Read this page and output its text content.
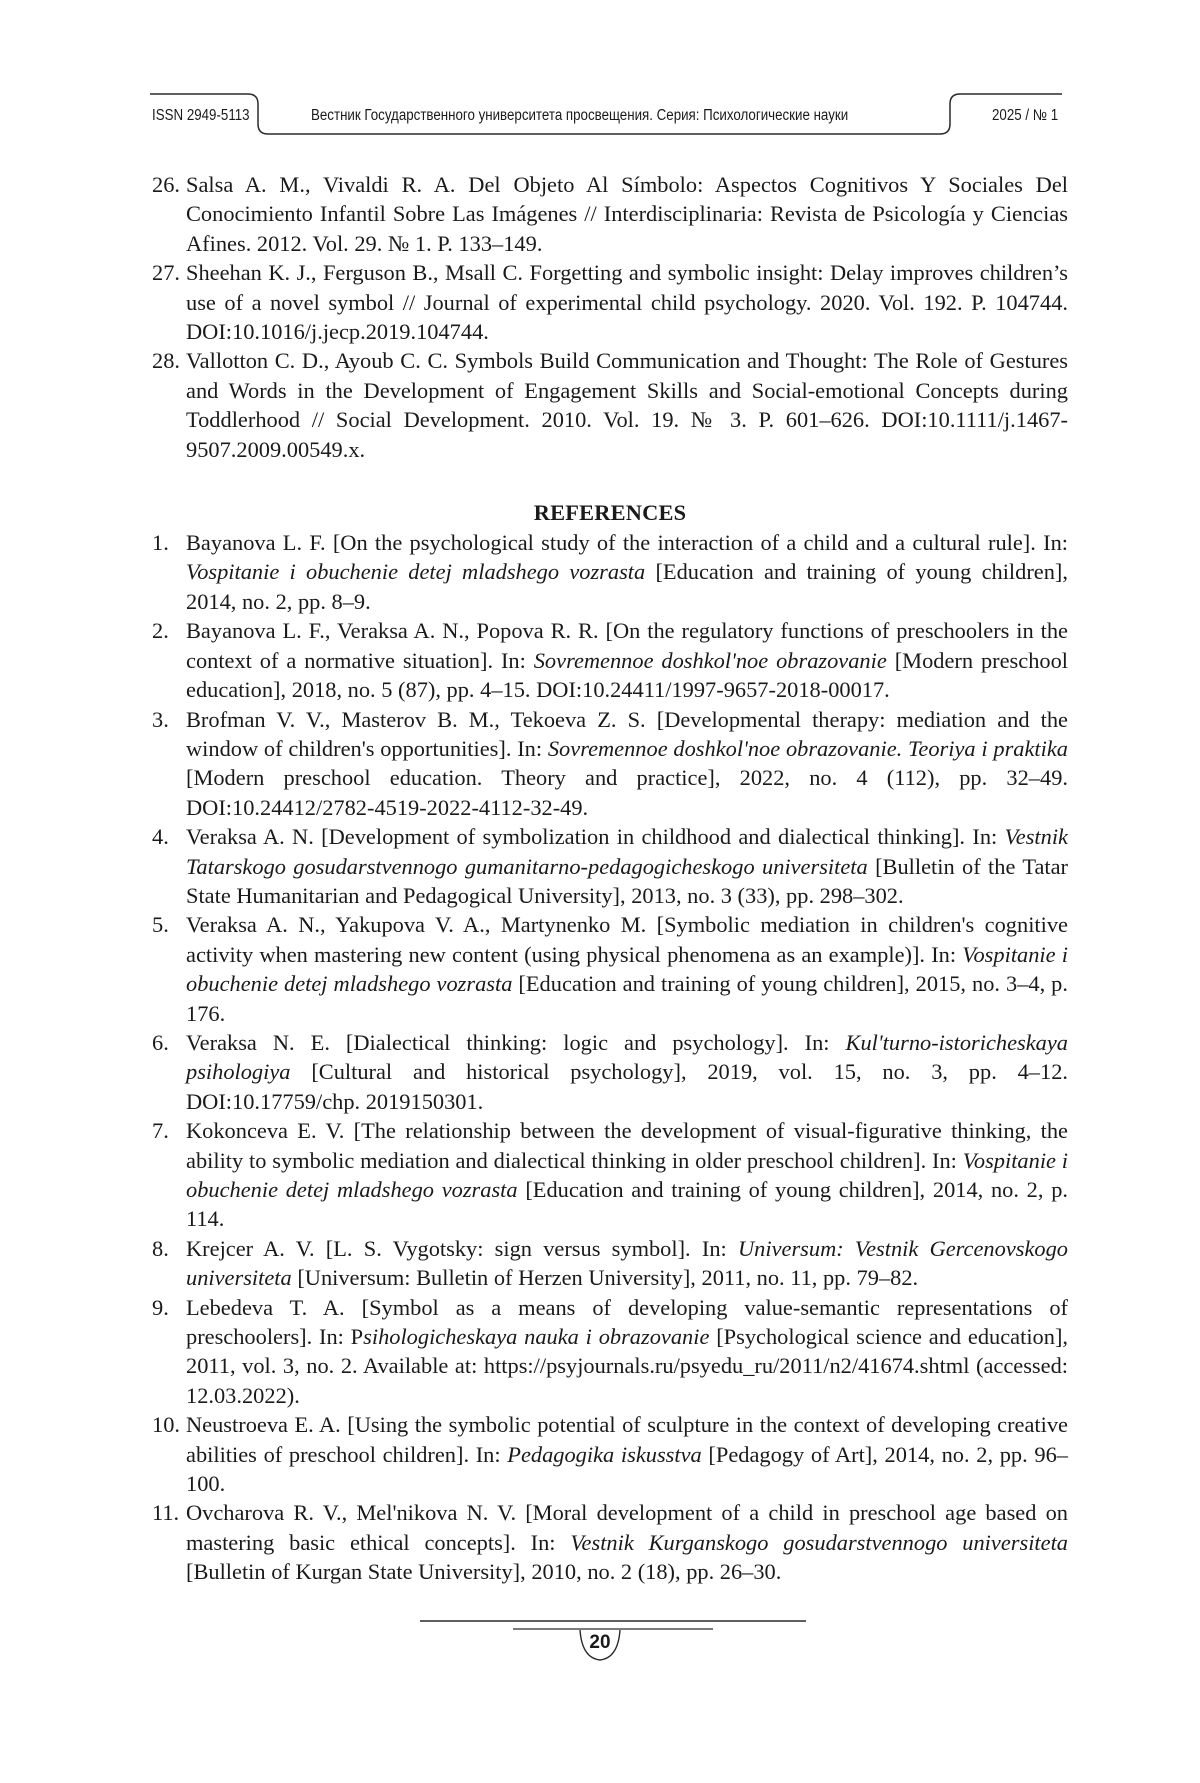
ISSN 2949-5113	Вестник Государственного университета просвещения. Серия: Психологические науки	2025 / № 1
26. Salsa A. M., Vivaldi R. A. Del Objeto Al Símbolo: Aspectos Cognitivos Y Sociales Del Conocimiento Infantil Sobre Las Imágenes // Interdisciplinaria: Revista de Psicología y Ciencias Afines. 2012. Vol. 29. № 1. P. 133–149.
27. Sheehan K. J., Ferguson B., Msall C. Forgetting and symbolic insight: Delay improves children’s use of a novel symbol // Journal of experimental child psychology. 2020. Vol. 192. P. 104744. DOI:10.1016/j.jecp.2019.104744.
28. Vallotton C. D., Ayoub C. C. Symbols Build Communication and Thought: The Role of Gestures and Words in the Development of Engagement Skills and Social-emotional Concepts during Toddlerhood // Social Development. 2010. Vol. 19. № 3. P. 601–626. DOI:10.1111/j.1467-9507.2009.00549.x.
REFERENCES
1. Bayanova L. F. [On the psychological study of the interaction of a child and a cultural rule]. In: Vospitanie i obuchenie detej mladshego vozrasta [Education and training of young children], 2014, no. 2, pp. 8–9.
2. Bayanova L. F., Veraksa A. N., Popova R. R. [On the regulatory functions of preschoolers in the context of a normative situation]. In: Sovremennoe doshkol'noe obrazovanie [Modern preschool education], 2018, no. 5 (87), pp. 4–15. DOI:10.24411/1997-9657-2018-00017.
3. Brofman V. V., Masterov B. M., Tekoeva Z. S. [Developmental therapy: mediation and the window of children's opportunities]. In: Sovremennoe doshkol'noe obrazovanie. Teoriya i praktika [Modern preschool education. Theory and practice], 2022, no. 4 (112), pp. 32–49. DOI:10.24412/2782-4519-2022-4112-32-49.
4. Veraksa A. N. [Development of symbolization in childhood and dialectical thinking]. In: Vestnik Tatarskogo gosudarstvennogo gumanitarno-pedagogicheskogo universiteta [Bulletin of the Tatar State Humanitarian and Pedagogical University], 2013, no. 3 (33), pp. 298–302.
5. Veraksa A. N., Yakupova V. A., Martynenko M. [Symbolic mediation in children's cognitive activity when mastering new content (using physical phenomena as an example)]. In: Vospitanie i obuchenie detej mladshego vozrasta [Education and training of young children], 2015, no. 3–4, p. 176.
6. Veraksa N. E. [Dialectical thinking: logic and psychology]. In: Kul'turno-istoricheskaya psihologiya [Cultural and historical psychology], 2019, vol. 15, no. 3, pp. 4–12. DOI:10.17759/chp. 2019150301.
7. Kokonceva E. V. [The relationship between the development of visual-figurative thinking, the ability to symbolic mediation and dialectical thinking in older preschool children]. In: Vospitanie i obuchenie detej mladshego vozrasta [Education and training of young children], 2014, no. 2, p. 114.
8. Krejcer A. V. [L. S. Vygotsky: sign versus symbol]. In: Universum: Vestnik Gercenovskogo universiteta [Universum: Bulletin of Herzen University], 2011, no. 11, pp. 79–82.
9. Lebedeva T. A. [Symbol as a means of developing value-semantic representations of preschoolers]. In: Psihologicheskaya nauka i obrazovanie [Psychological science and education], 2011, vol. 3, no. 2. Available at: https://psyjournals.ru/psyedu_ru/2011/n2/41674.shtml (accessed: 12.03.2022).
10. Neustroeva E. A. [Using the symbolic potential of sculpture in the context of developing creative abilities of preschool children]. In: Pedagogika iskusstva [Pedagogy of Art], 2014, no. 2, pp. 96–100.
11. Ovcharova R. V., Mel'nikova N. V. [Moral development of a child in preschool age based on mastering basic ethical concepts]. In: Vestnik Kurganskogo gosudarstvennogo universiteta [Bulletin of Kurgan State University], 2010, no. 2 (18), pp. 26–30.
20
